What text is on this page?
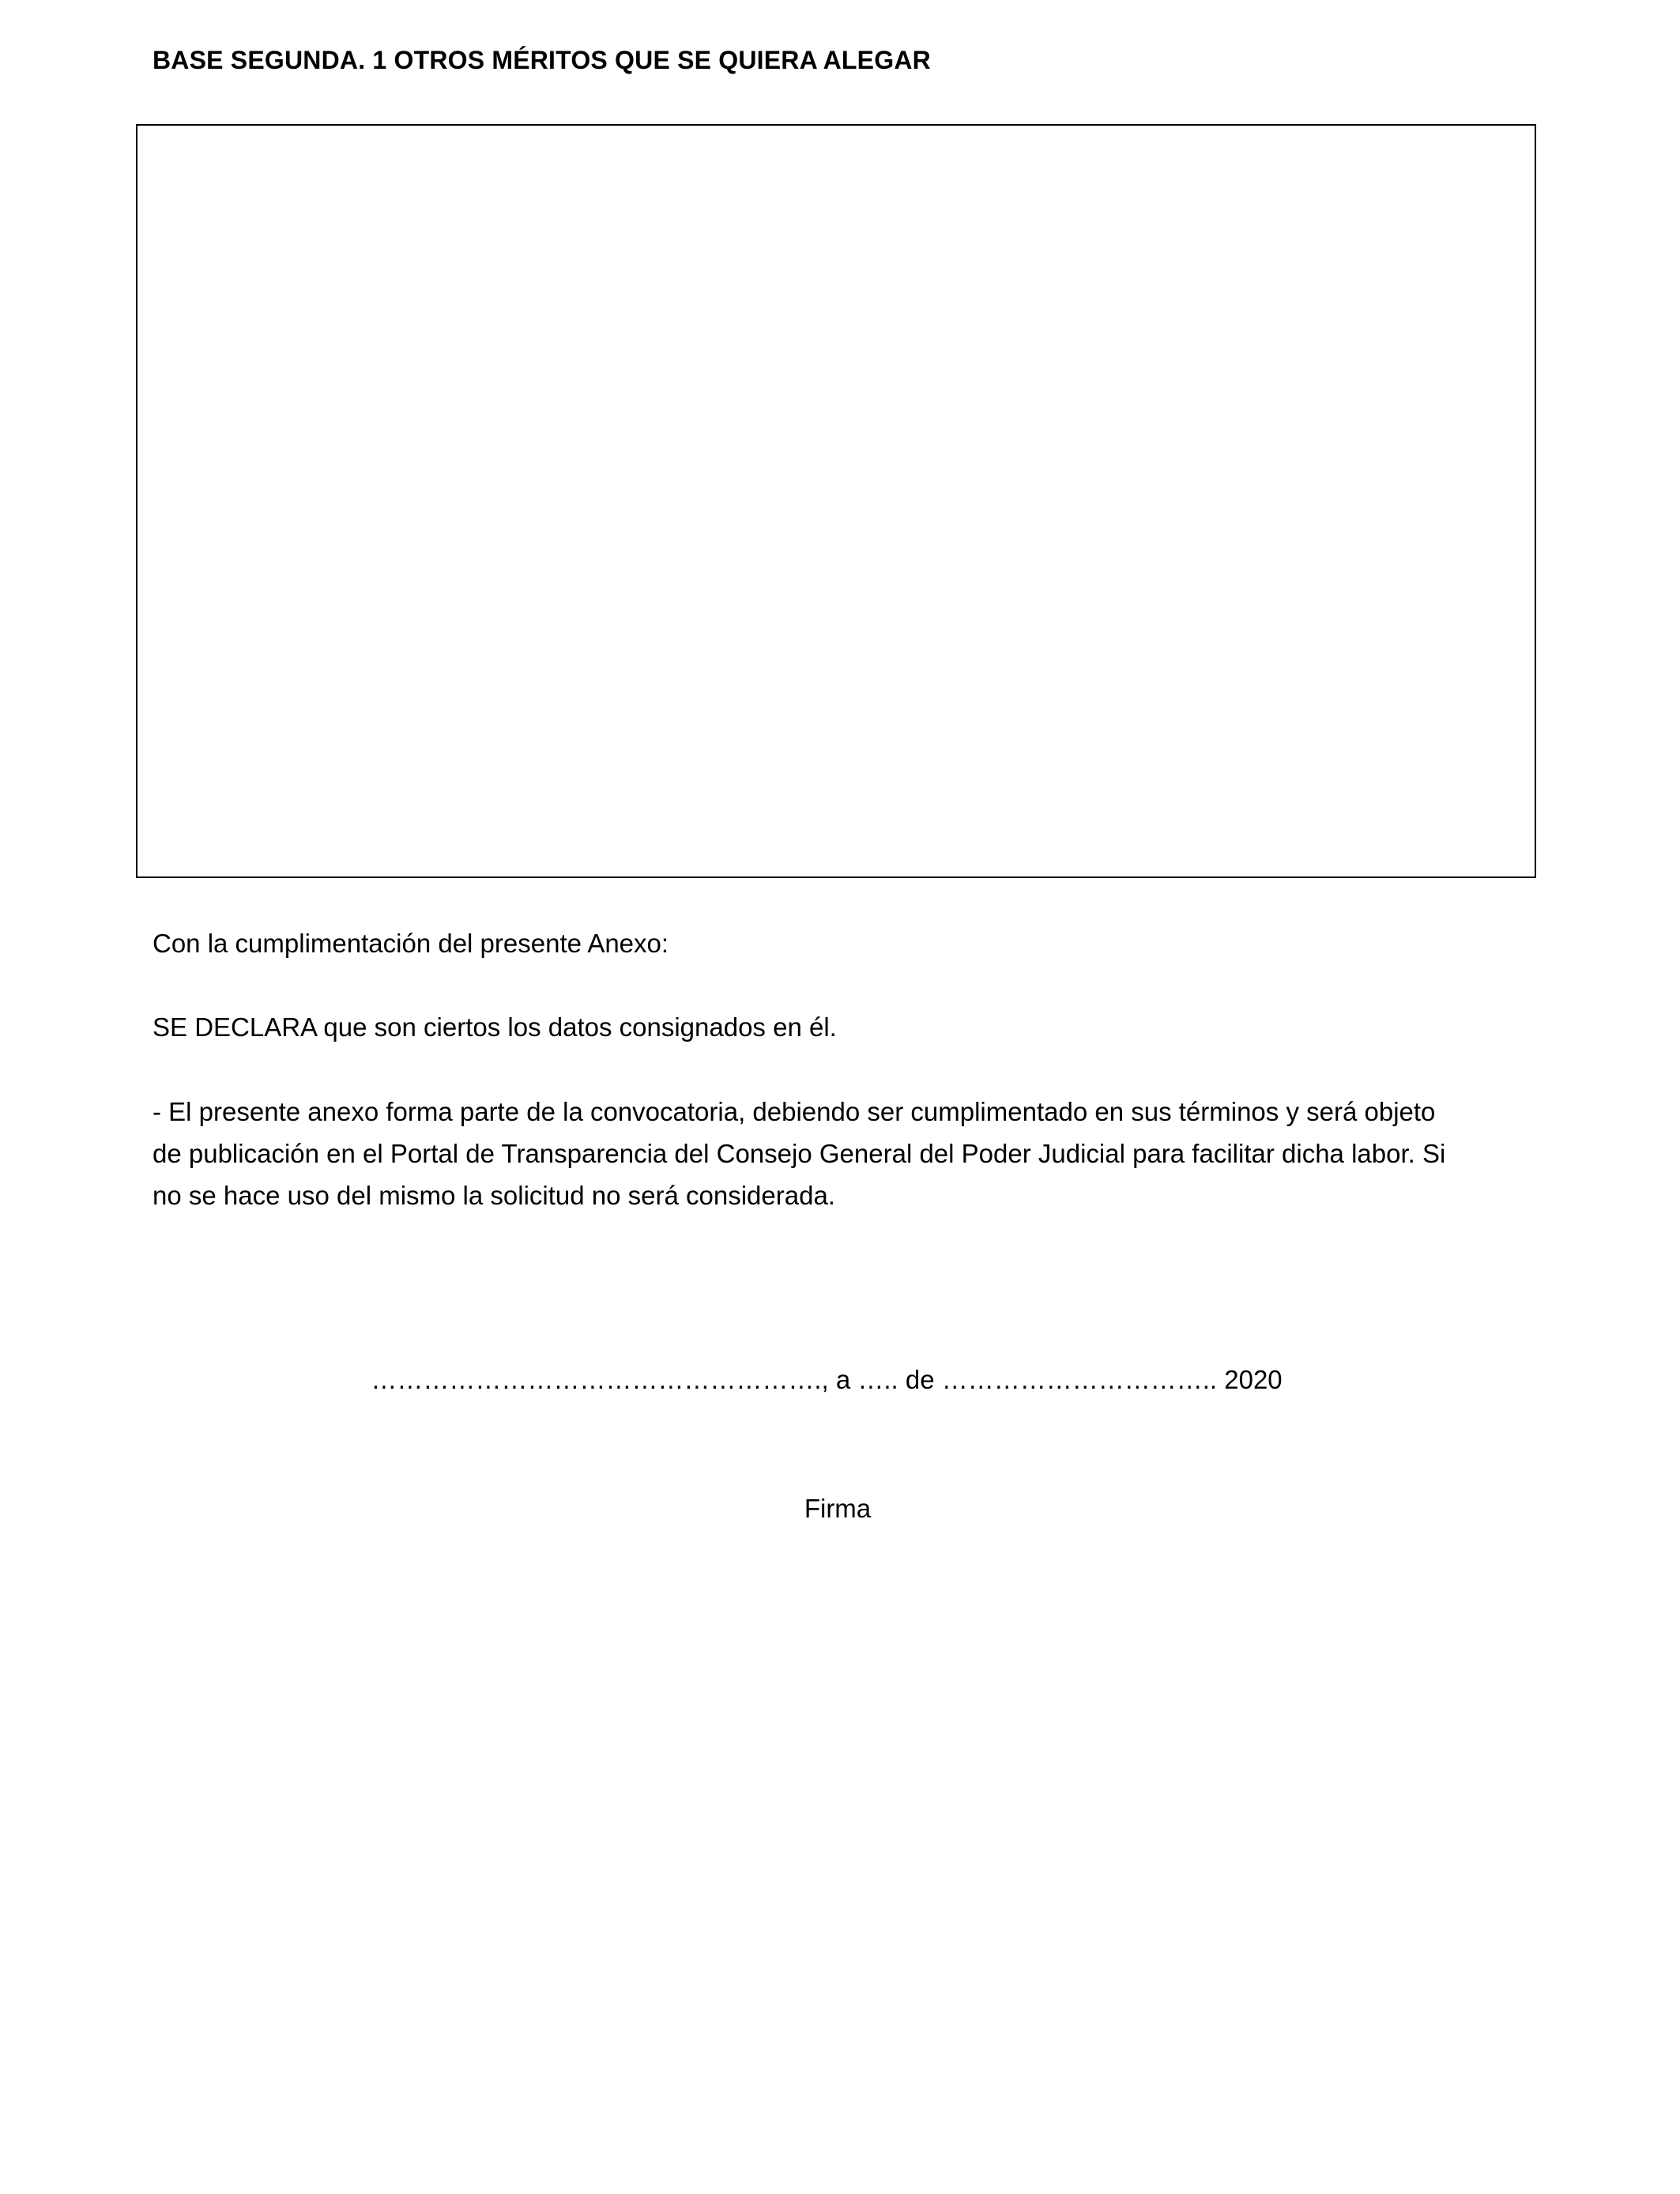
BASE SEGUNDA. 1 OTROS MÉRITOS QUE SE QUIERA ALEGAR
Con la cumplimentación del presente Anexo:
SE DECLARA que son ciertos los datos consignados en él.
- El presente anexo forma parte de la convocatoria, debiendo ser cumplimentado en sus términos y será objeto
de publicación en el Portal de Transparencia del Consejo General del Poder Judicial para facilitar dicha labor. Si
no se hace uso del mismo la solicitud no será considerada.
……………………………………………., a ….. de ………………………….. 2020
Firma
